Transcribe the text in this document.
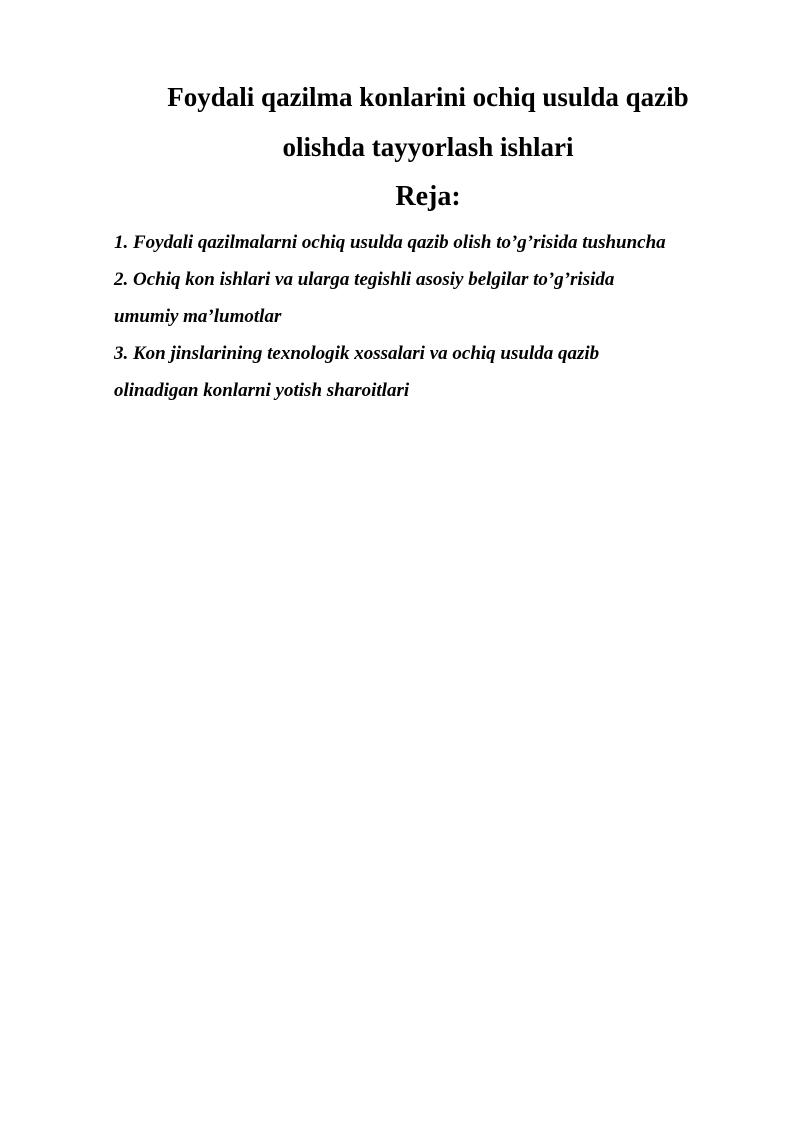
Foydali qazilma konlarini ochiq usulda qazib
olishda tayyorlash ishlari
Reja:

1. Foydali qazilmalarni ochiq usulda qazib olish to’g’risida tushuncha

2. Ochiq kon ishlari va ularga tegishli asosiy belgilar to’g’risida

umumiy ma’lumotlar

3. Kon jinslarining texnologik xossalari va ochiq usulda qazib

olinadigan konlarni yotish sharoitlari
